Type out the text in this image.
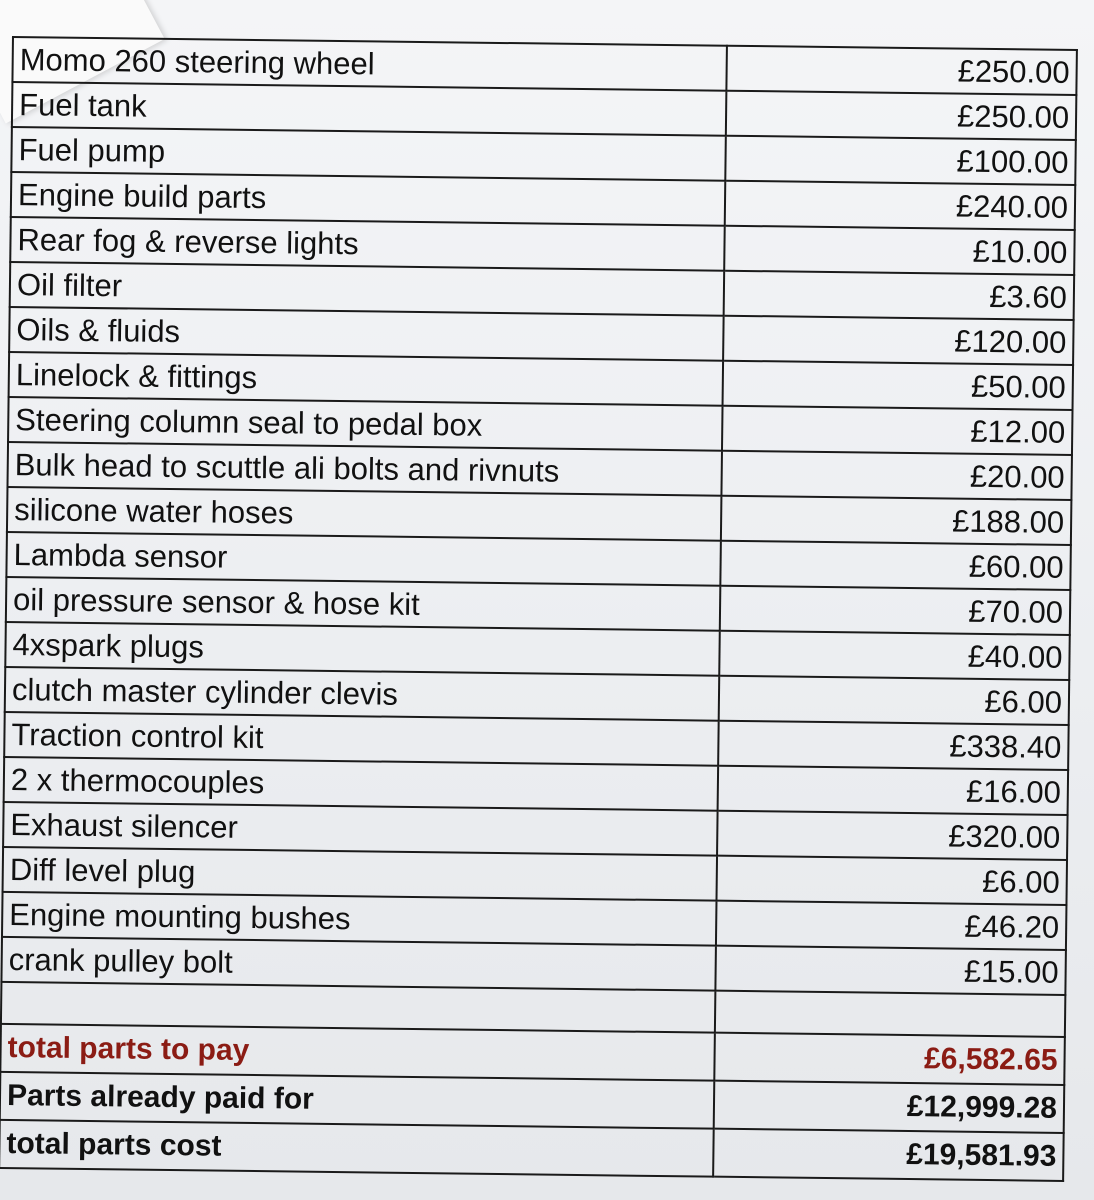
Momo 260 steering wheel	£250.00
Fuel tank	£250.00
Fuel pump	£100.00
Engine build parts	£240.00
Rear fog & reverse lights	£10.00
Oil filter	£3.60
Oils & fluids	£120.00
Linelock & fittings	£50.00
Steering column seal to pedal box	£12.00
Bulk head to scuttle ali bolts and rivnuts	£20.00
silicone water hoses	£188.00
Lambda sensor	£60.00
oil pressure sensor & hose kit	£70.00
4xspark plugs	£40.00
clutch master cylinder clevis	£6.00
Traction control kit	£338.40
2 x thermocouples	£16.00
Exhaust silencer	£320.00
Diff level plug	£6.00
Engine mounting bushes	£46.20
crank pulley bolt	£15.00

total parts to pay	£6,582.65
Parts already paid for	£12,999.28
total parts cost	£19,581.93
